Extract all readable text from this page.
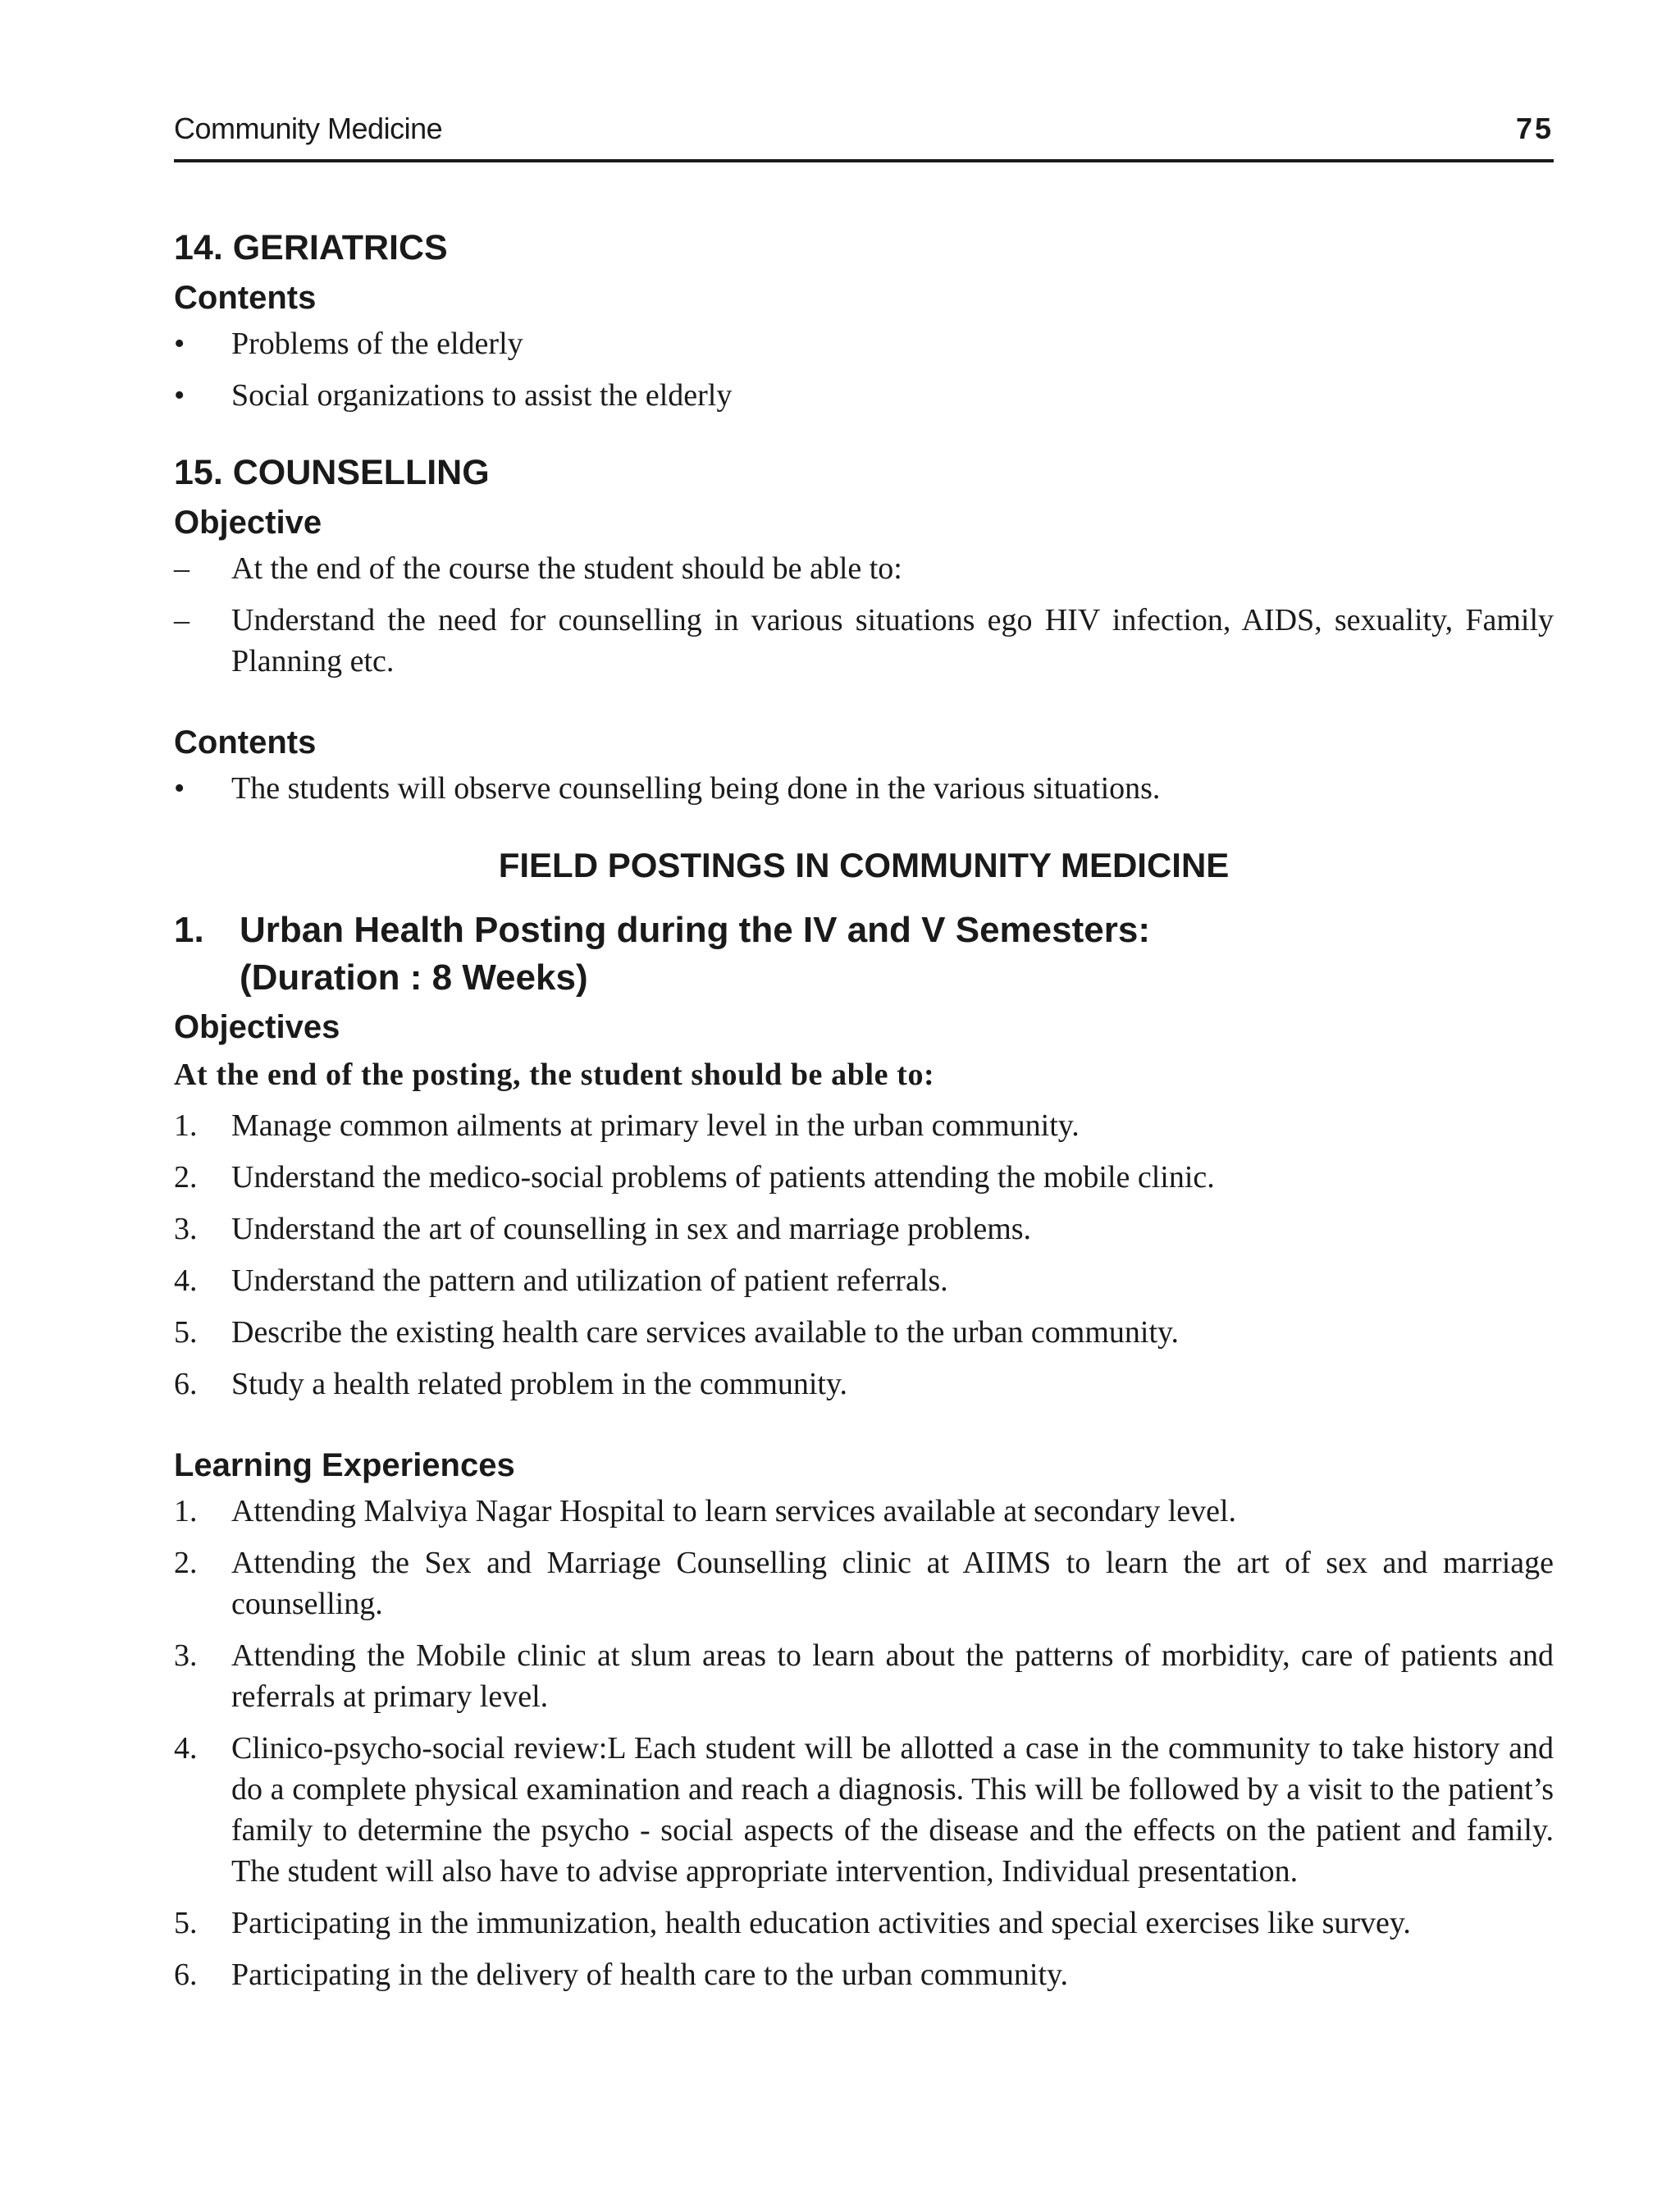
Community Medicine	75
14. GERIATRICS
Contents
•	Problems of the elderly
•	Social organizations to assist the elderly
15. COUNSELLING
Objective
–	At the end of the course the student should be able to:
–	Understand the need for counselling in various situations ego HIV infection, AIDS, sexuality, Family Planning etc.
Contents
•	The students will observe counselling being done in the various situations.
FIELD POSTINGS IN COMMUNITY MEDICINE
1. Urban Health Posting during the IV and V Semesters:
(Duration : 8 Weeks)
Objectives

At the end of the posting, the student should be able to:

1.	Manage common ailments at primary level in the urban community.
2.	Understand the medico-social problems of patients attending the mobile clinic.
3.	Understand the art of counselling in sex and marriage problems.
4.	Understand the pattern and utilization of patient referrals.
5.	Describe the existing health care services available to the urban community.
6.	Study a health related problem in the community.
Learning Experiences
1.	Attending Malviya Nagar Hospital to learn services available at secondary level.
2.	Attending the Sex and Marriage Counselling clinic at AIIMS to learn the art of sex and marriage counselling.
3.	Attending the Mobile clinic at slum areas to learn about the patterns of morbidity, care of patients and referrals at primary level.
4.	Clinico-psycho-social review:L Each student will be allotted a case in the community to take history and do a complete physical examination and reach a diagnosis. This will be followed by a visit to the patient’s family to determine the psycho - social aspects of the disease and the effects on the patient and family. The student will also have to advise appropriate intervention, Individual presentation.
5.	Participating in the immunization, health education activities and special exercises like survey.
6.	Participating in the delivery of health care to the urban community.
